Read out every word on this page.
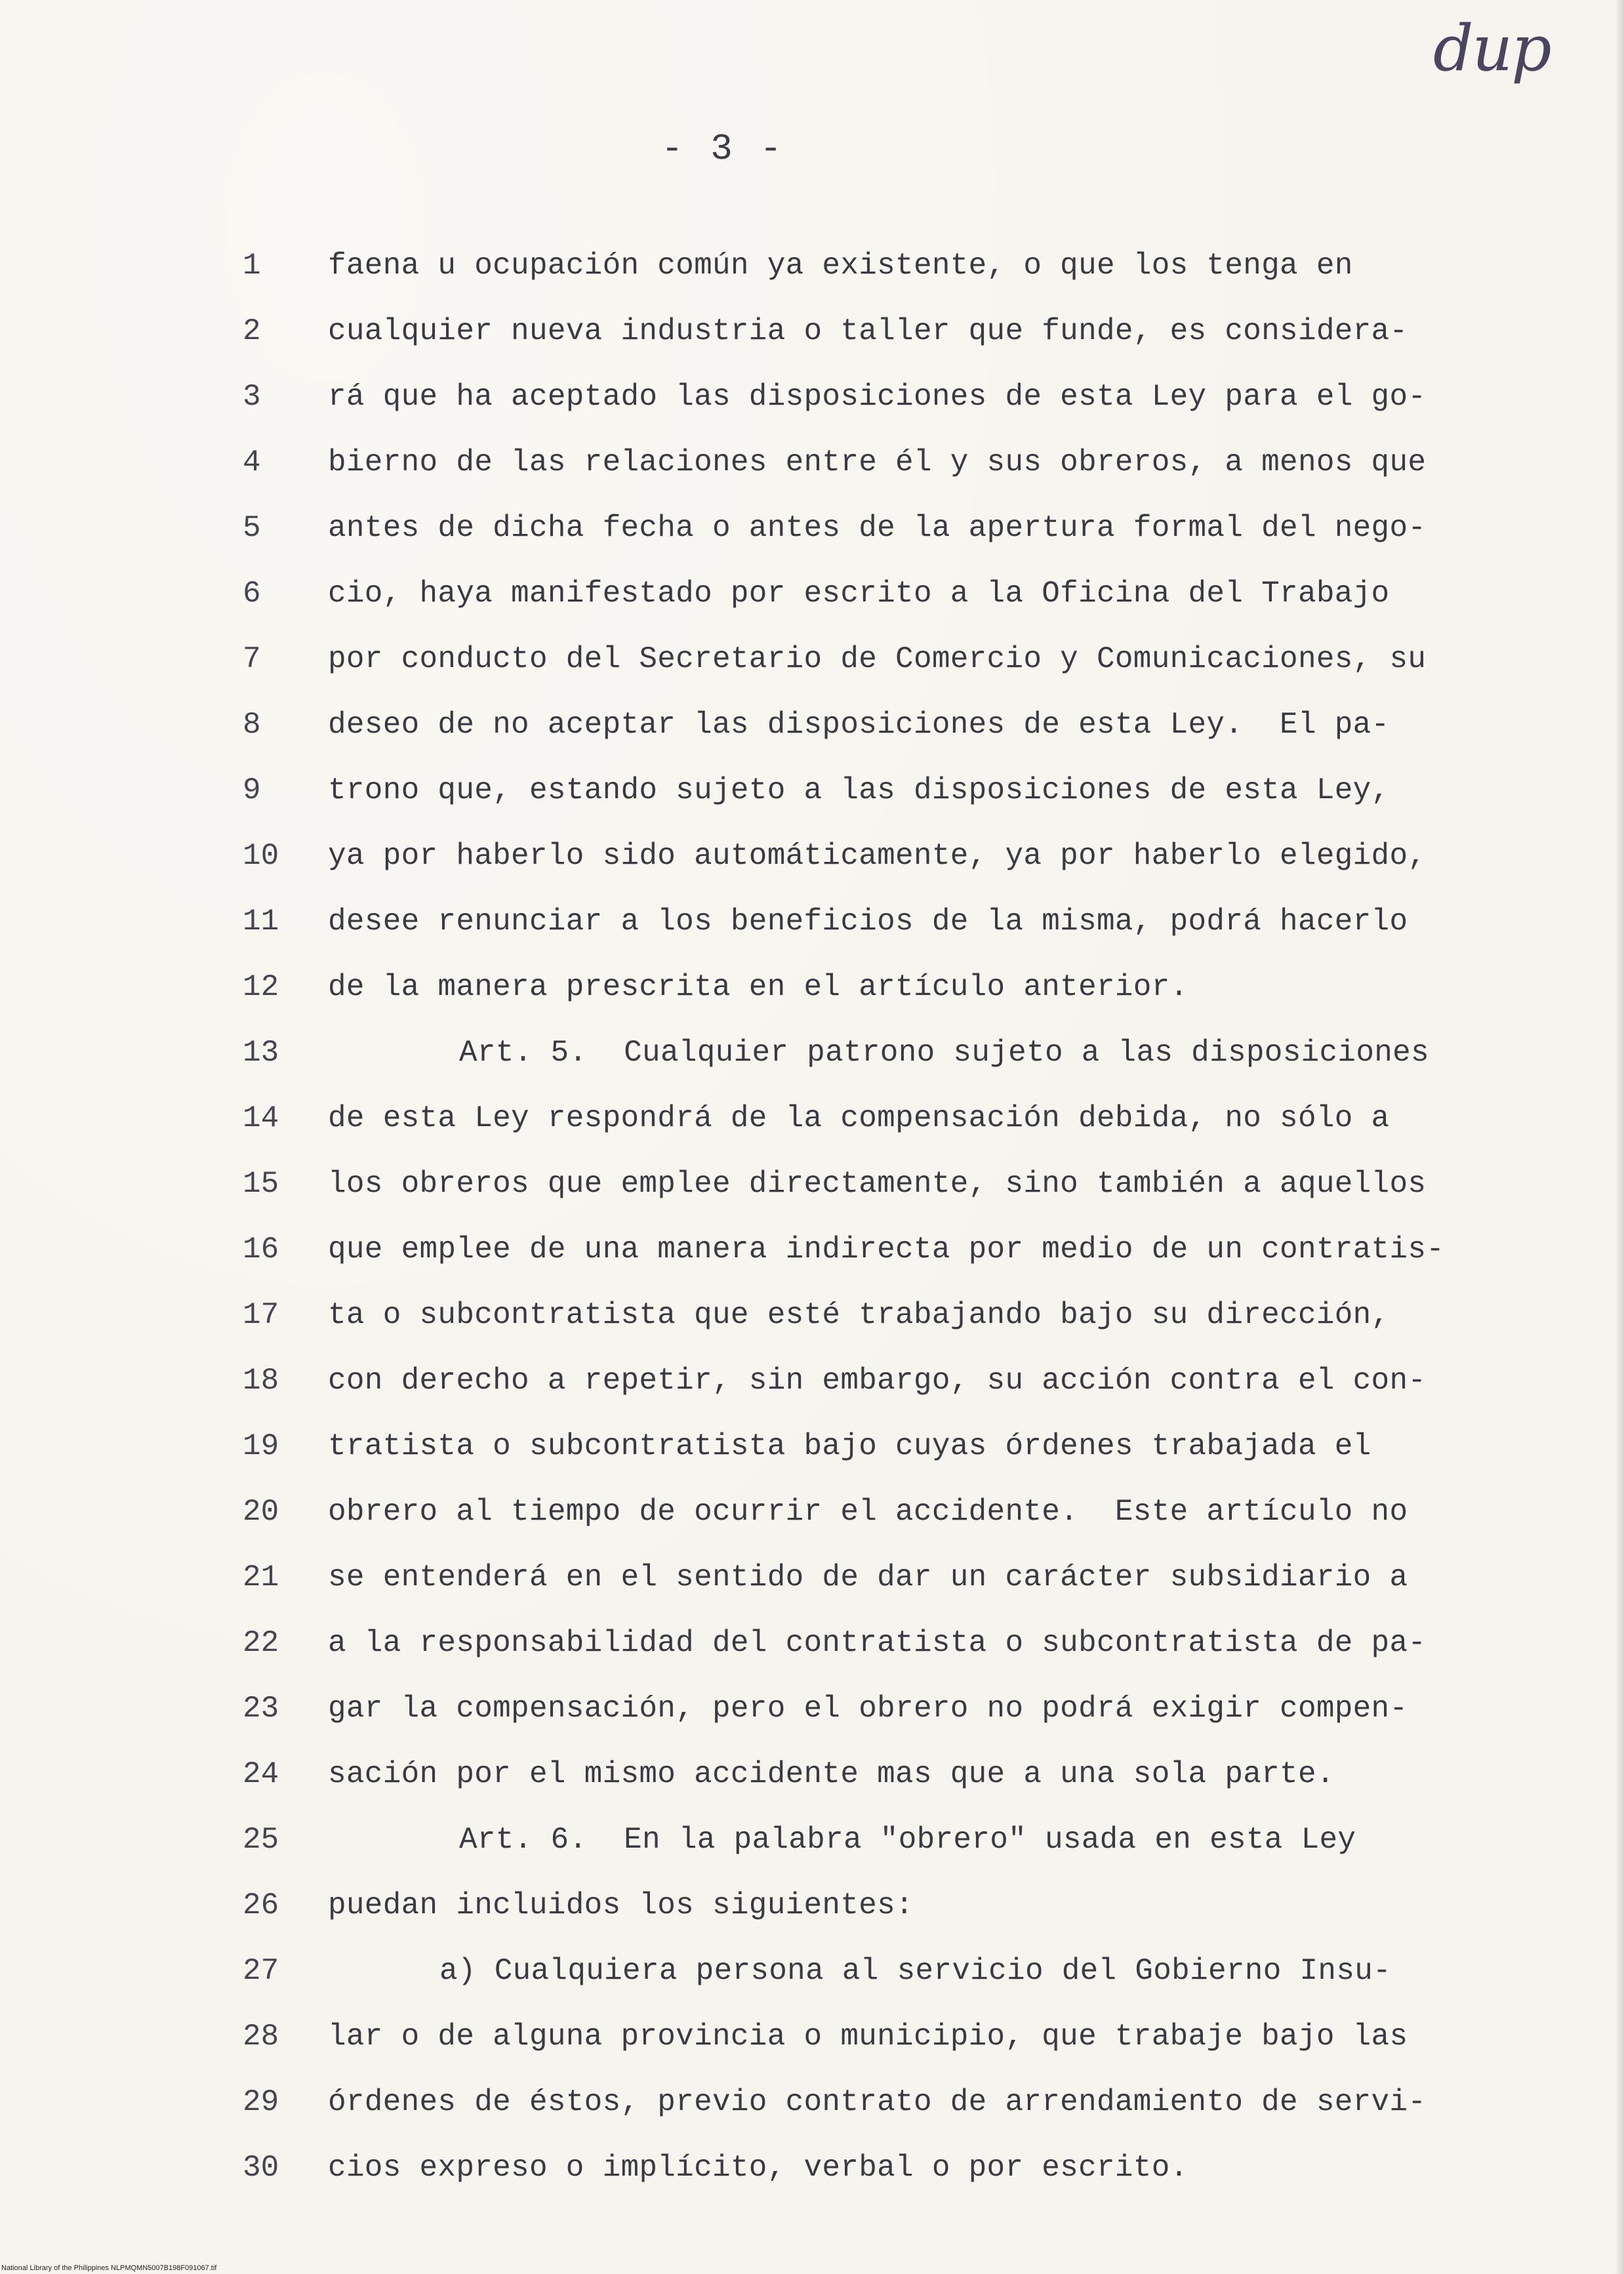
dup
- 3 -
1	faena u ocupación común ya existente, o que los tenga en
2	cualquier nueva industria o taller que funde, es considera-
3	rá que ha aceptado las disposiciones de esta Ley para el go-
4	bierno de las relaciones entre él y sus obreros, a menos que
5	antes de dicha fecha o antes de la apertura formal del nego-
6	cio, haya manifestado por escrito a la Oficina del Trabajo
7	por conducto del Secretario de Comercio y Comunicaciones, su
8	deseo de no aceptar las disposiciones de esta Ley.  El pa-
9	trono que, estando sujeto a las disposiciones de esta Ley,
10	ya por haberlo sido automáticamente, ya por haberlo elegido,
11	desee renunciar a los beneficios de la misma, podrá hacerlo
12	de la manera prescrita en el artículo anterior.
13	Art. 5.  Cualquier patrono sujeto a las disposiciones
14	de esta Ley respondrá de la compensación debida, no sólo a
15	los obreros que emplee directamente, sino también a aquellos
16	que emplee de una manera indirecta por medio de un contratis-
17	ta o subcontratista que esté trabajando bajo su dirección,
18	con derecho a repetir, sin embargo, su acción contra el con-
19	tratista o subcontratista bajo cuyas órdenes trabajada el
20	obrero al tiempo de ocurrir el accidente.  Este artículo no
21	se entenderá en el sentido de dar un carácter subsidiario a
22	a la responsabilidad del contratista o subcontratista de pa-
23	gar la compensación, pero el obrero no podrá exigir compen-
24	sación por el mismo accidente mas que a una sola parte.
25	Art. 6.  En la palabra "obrero" usada en esta Ley
26	puedan incluidos los siguientes:
27	a) Cualquiera persona al servicio del Gobierno Insu-
28	lar o de alguna provincia o municipio, que trabaje bajo las
29	órdenes de éstos, previo contrato de arrendamiento de servi-
30	cios expreso o implícito, verbal o por escrito.
National Library of the Philippines NLPMQMN5007B198F091067.tif
